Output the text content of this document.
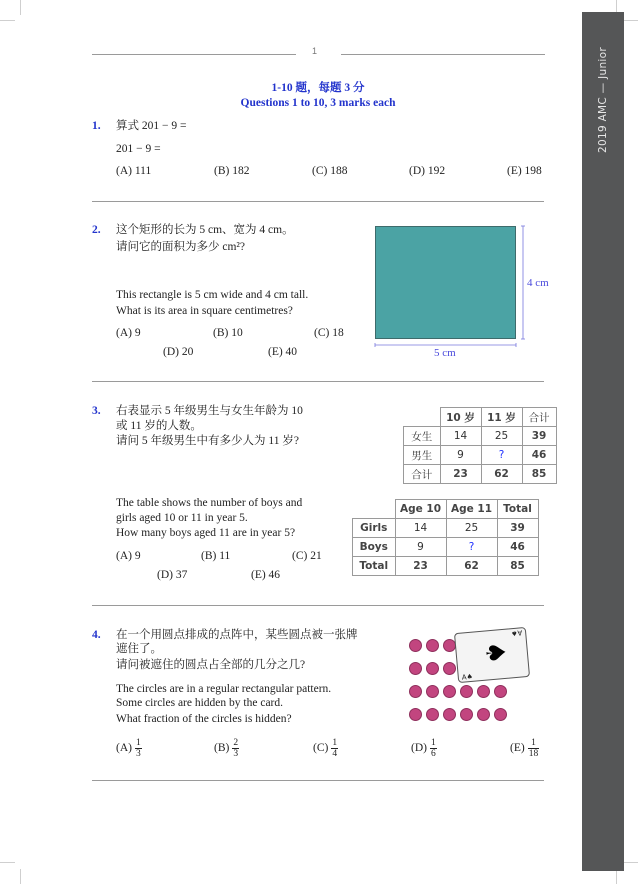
2019 AMC — Junior
1
1-10 题，每题 3 分
Questions 1 to 10, 3 marks each
1. 算式 201 − 9 =
201 − 9 =
(A) 111	(B) 182	(C) 188	(D) 192	(E) 198
2. 这个矩形的长为 5 cm、宽为 4 cm。
请问它的面积为多少 cm²?
This rectangle is 5 cm wide and 4 cm tall.
What is its area in square centimetres?
(A) 9	(B) 10	(C) 18
(D) 20	(E) 40
4 cm
5 cm
3. 右表显示 5 年级男生与女生年龄为 10
或 11 岁的人数。
请问 5 年级男生中有多少人为 11 岁?
	10 岁	11 岁	合计
女生	14	25	39
男生	9	?	46
合计	23	62	85
The table shows the number of boys and
girls aged 10 or 11 in year 5.
How many boys aged 11 are in year 5?
	Age 10	Age 11	Total
Girls	14	25	39
Boys	9	?	46
Total	23	62	85
(A) 9	(B) 11	(C) 21
(D) 37	(E) 46
4. 在一个用圆点排成的点阵中，某些圆点被一张牌
遮住了。
请问被遮住的圆点占全部的几分之几?
The circles are in a regular rectangular pattern.
Some circles are hidden by the card.
What fraction of the circles is hidden?
A♠
♠
A♠
$(A) \frac{1}{3}$	$(B) \frac{2}{3}$	$(C) \frac{1}{4}$	$(D) \frac{1}{6}$	$(E) \frac{1}{18}$
